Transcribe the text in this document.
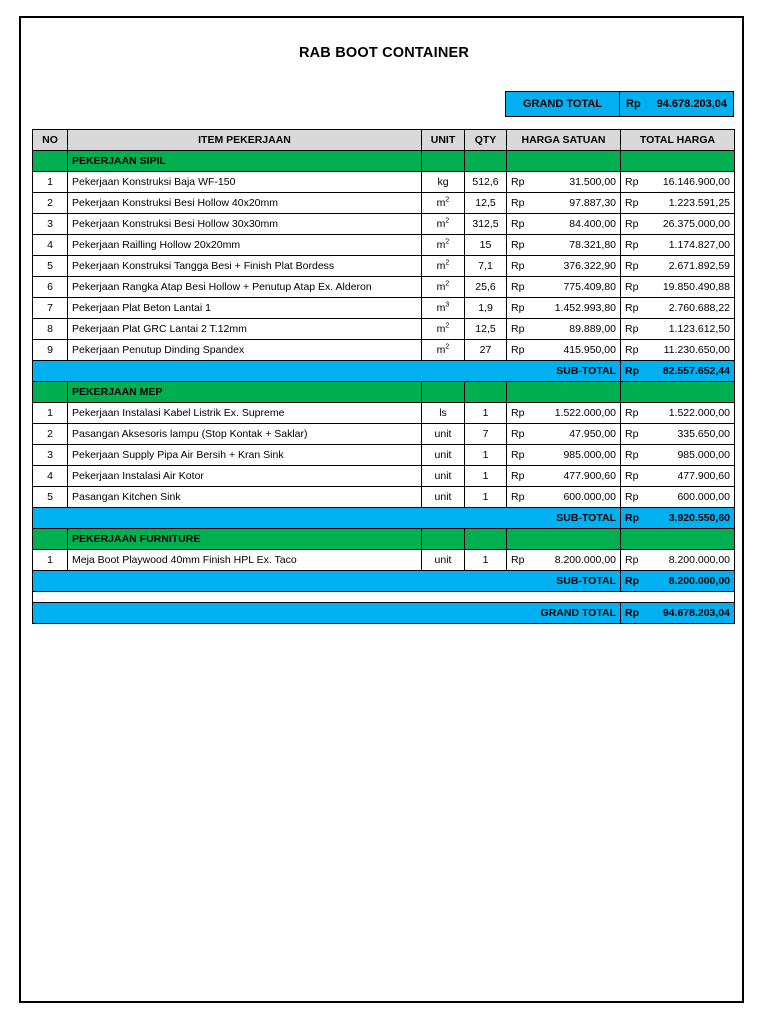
RAB BOOT CONTAINER
GRAND TOTAL	Rp	94.678.203,04
NO	ITEM PEKERJAAN	UNIT	QTY	HARGA SATUAN		TOTAL HARGA	
	PEKERJAAN SIPIL						
1	Pekerjaan Konstruksi Baja WF-150	kg	512,6	Rp	31.500,00	Rp	16.146.900,00
2	Pekerjaan Konstruksi Besi Hollow 40x20mm	$m^2$	12,5	Rp	97.887,30	Rp	1.223.591,25
3	Pekerjaan Konstruksi Besi Hollow 30x30mm	$m^2$	312,5	Rp	84.400,00	Rp	26.375.000,00
4	Pekerjaan Railling Hollow 20x20mm	$m^2$	15	Rp	78.321,80	Rp	1.174.827,00
5	Pekerjaan Konstruksi Tangga Besi + Finish Plat Bordess	$m^2$	7,1	Rp	376.322,90	Rp	2.671.892,59
6	Pekerjaan Rangka Atap Besi Hollow + Penutup Atap Ex. Alderon	$m^2$	25,6	Rp	775.409,80	Rp	19.850.490,88
7	Pekerjaan Plat Beton Lantai 1	$m^3$	1,9	Rp	1.452.993,80	Rp	2.760.688,22
8	Pekerjaan Plat GRC Lantai 2 T.12mm	$m^2$	12,5	Rp	89.889,00	Rp	1.123.612,50
9	Pekerjaan Penutup Dinding Spandex	$m^2$	27	Rp	415.950,00	Rp	11.230.650,00
SUB-TOTAL						Rp	82.557.652,44
	PEKERJAAN MEP						
1	Pekerjaan Instalasi Kabel Listrik Ex. Supreme	ls	1	Rp	1.522.000,00	Rp	1.522.000,00
2	Pasangan Aksesoris lampu (Stop Kontak + Saklar)	unit	7	Rp	47.950,00	Rp	335.650,00
3	Pekerjaan Supply Pipa Air Bersih + Kran Sink	unit	1	Rp	985.000,00	Rp	985.000,00
4	Pekerjaan Instalasi Air Kotor	unit	1	Rp	477.900,60	Rp	477.900,60
5	Pasangan Kitchen Sink	unit	1	Rp	600.000,00	Rp	600.000,00
SUB-TOTAL						Rp	3.920.550,60
	PEKERJAAN FURNITURE						
1	Meja Boot Playwood 40mm Finish HPL Ex. Taco	unit	1	Rp	8.200.000,00	Rp	8.200.000,00
SUB-TOTAL						Rp	8.200.000,00

GRAND TOTAL						Rp	94.678.203,04
